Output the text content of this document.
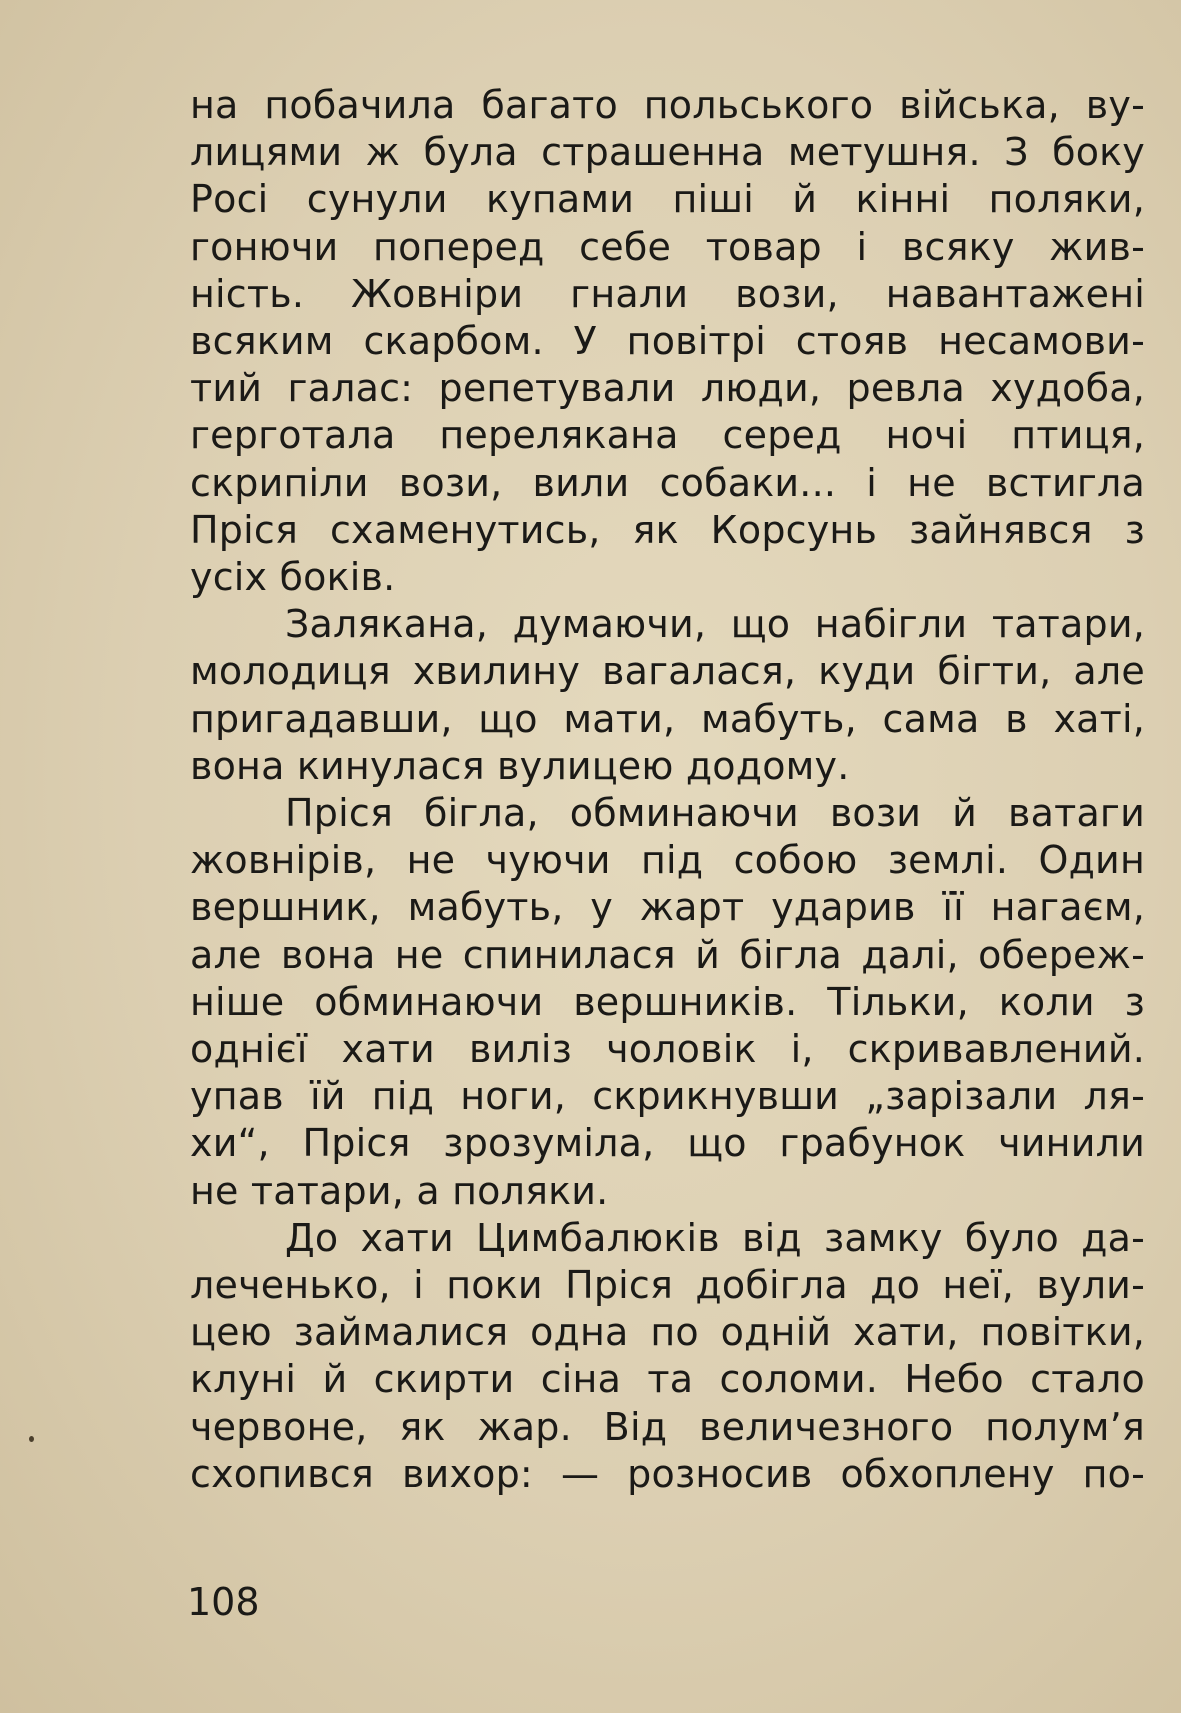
на побачила багато польського війська, ву-
лицями ж була страшенна метушня. З боку
Росі сунули купами піші й кінні поляки,
гонючи поперед себе товар і всяку жив-
ність. Жовніри гнали вози, навантажені
всяким скарбом. У повітрі стояв несамови-
тий галас: репетували люди, ревла худоба,
герготала перелякана серед ночі птиця,
скрипіли вози, вили собаки... і не встигла
Пріся схаменутись, як Корсунь зайнявся з
усіх боків.
Залякана, думаючи, що набігли татари,
молодиця хвилину вагалася, куди бігти, але
пригадавши, що мати, мабуть, сама в хаті,
вона кинулася вулицею додому.
Пріся бігла, обминаючи вози й ватаги
жовнірів, не чуючи під собою землі. Один
вершник, мабуть, у жарт ударив її нагаєм,
але вона не спинилася й бігла далі, обереж-
ніше обминаючи вершників. Тільки, коли з
однієї хати виліз чоловік і, скривавлений.
упав їй під ноги, скрикнувши „зарізали ля-
хи“, Пріся зрозуміла, що грабунок чинили
не татари, а поляки.
До хати Цимбалюків від замку було да-
леченько, і поки Пріся добігла до неї, вули-
цею займалися одна по одній хати, повітки,
клуні й скирти сіна та соломи. Небо стало
червоне, як жар. Від величезного полум’я
схопився вихор: — розносив обхоплену по-
108
